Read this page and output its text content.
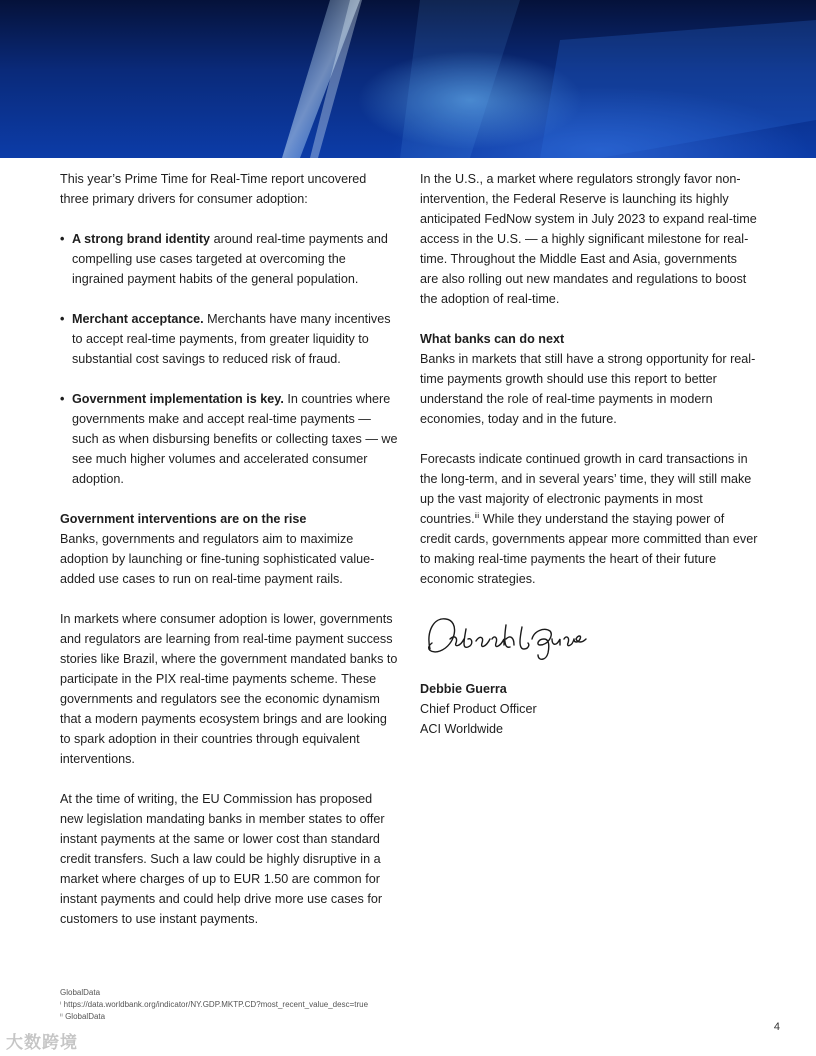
This year’s Prime Time for Real-Time report uncovered three primary drivers for consumer adoption:

• A strong brand identity around real-time payments and compelling use cases targeted at overcoming the ingrained payment habits of the general population.
• Merchant acceptance. Merchants have many incentives to accept real-time payments, from greater liquidity to substantial cost savings to reduced risk of fraud.
• Government implementation is key. In countries where governments make and accept real-time payments — such as when disbursing benefits or collecting taxes — we see much higher volumes and accelerated consumer adoption.

Government interventions are on the rise

Banks, governments and regulators aim to maximize adoption by launching or fine-tuning sophisticated value-added use cases to run on real-time payment rails.

In markets where consumer adoption is lower, governments and regulators are learning from real-time payment success stories like Brazil, where the government mandated banks to participate in the PIX real-time payments scheme. These governments and regulators see the economic dynamism that a modern payments ecosystem brings and are looking to spark adoption in their countries through equivalent interventions.

At the time of writing, the EU Commission has proposed new legislation mandating banks in member states to offer instant payments at the same or lower cost than standard credit transfers. Such a law could be highly disruptive in a market where charges of up to EUR 1.50 are common for instant payments and could help drive more use cases for customers to use instant payments.

In the U.S., a market where regulators strongly favor non-intervention, the Federal Reserve is launching its highly anticipated FedNow system in July 2023 to expand real-time access in the U.S. — a highly significant milestone for real-time. Throughout the Middle East and Asia, governments are also rolling out new mandates and regulations to boost the adoption of real-time.

What banks can do next

Banks in markets that still have a strong opportunity for real-time payments growth should use this report to better understand the role of real-time payments in modern economies, today and in the future.

Forecasts indicate continued growth in card transactions in the long-term, and in several years’ time, they will still make up the vast majority of electronic payments in most countries.$^{iii}$ While they understand the staying power of credit cards, governments appear more committed than ever to making real-time payments the heart of their future economic strategies.

Debbie Guerra

Chief Product Officer

ACI Worldwide

GlobalData
ⁱ https://data.worldbank.org/indicator/NY.GDP.MKTP.CD?most_recent_value_desc=true
ⁱⁱ GlobalData
4
大数跨境
